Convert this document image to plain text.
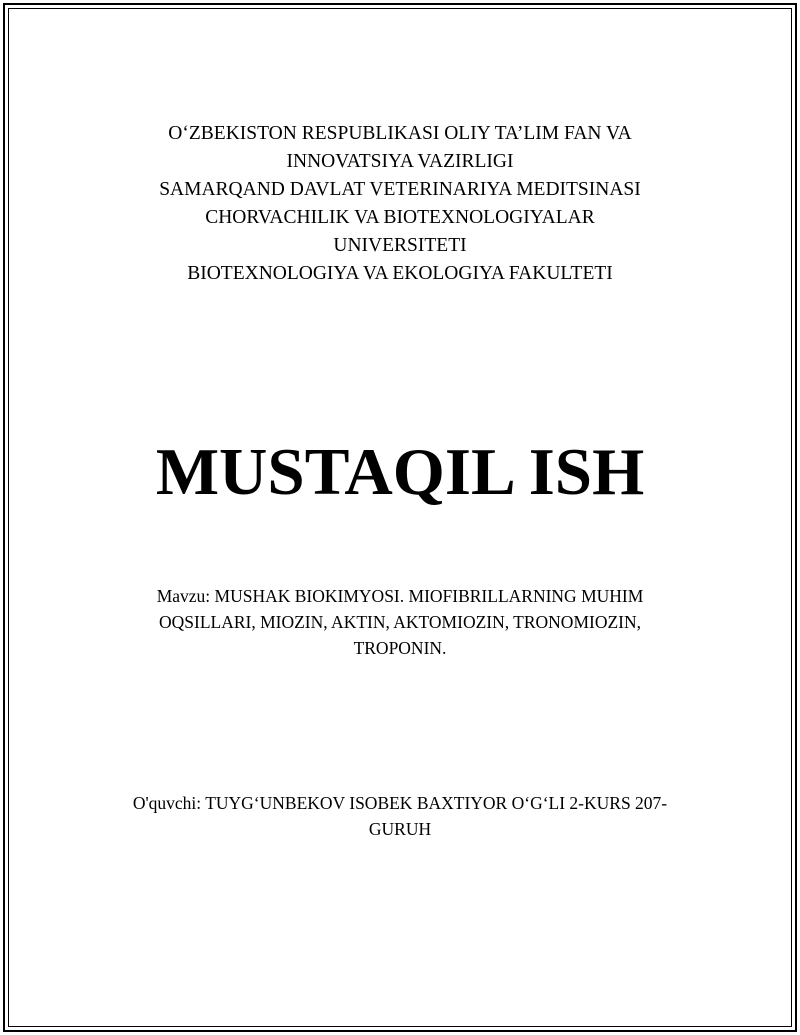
O‘ZBEKISTON RESPUBLIKASI OLIY TA’LIM FAN VA
INNOVATSIYA VAZIRLIGI
SAMARQAND DAVLAT VETERINARIYA MEDITSINASI
CHORVACHILIK VA BIOTEXNOLOGIYALAR
UNIVERSITETI
BIOTEXNOLOGIYA VA EKOLOGIYA FAKULTETI
MUSTAQIL ISH
Mavzu: MUSHAK BIOKIMYOSI. MIOFIBRILLARNING MUHIM
OQSILLARI, MIOZIN, AKTIN, AKTOMIOZIN, TRONOMIOZIN,
TROPONIN.
O'quvchi: TUYG‘UNBEKOV ISOBEK BAXTIYOR O‘G‘LI 2-KURS 207-
GURUH
